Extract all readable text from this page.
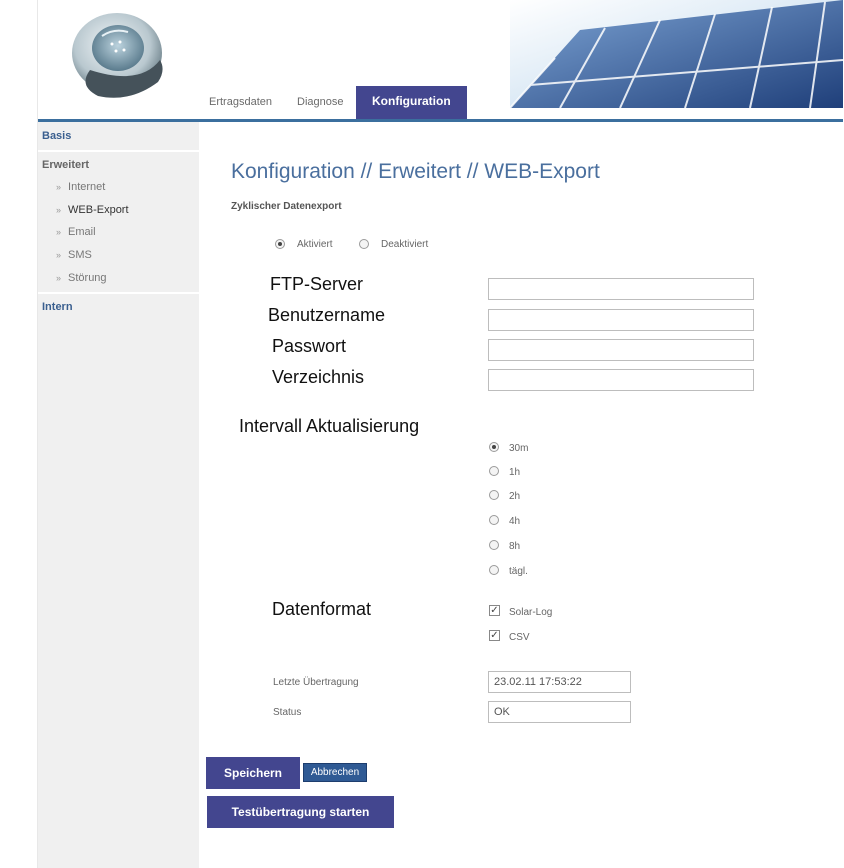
Ertragsdaten Diagnose	Konfiguration
Basis
Erweitert
» Internet
» WEB-Export
» Email
» SMS
» Störung
Intern
Konfiguration // Erweitert // WEB-Export
Zyklischer Datenexport
Aktiviert	Deaktiviert
FTP-Server
Benutzername
Passwort
Verzeichnis
Intervall Aktualisierung
30m
1h
2h
4h
8h
tägl.
Datenformat	✓ Solar-Log
✓ CSV
Letzte Übertragung	23.02.11 17:53:22
Status	OK
Speichern	Abbrechen
Testübertragung starten
